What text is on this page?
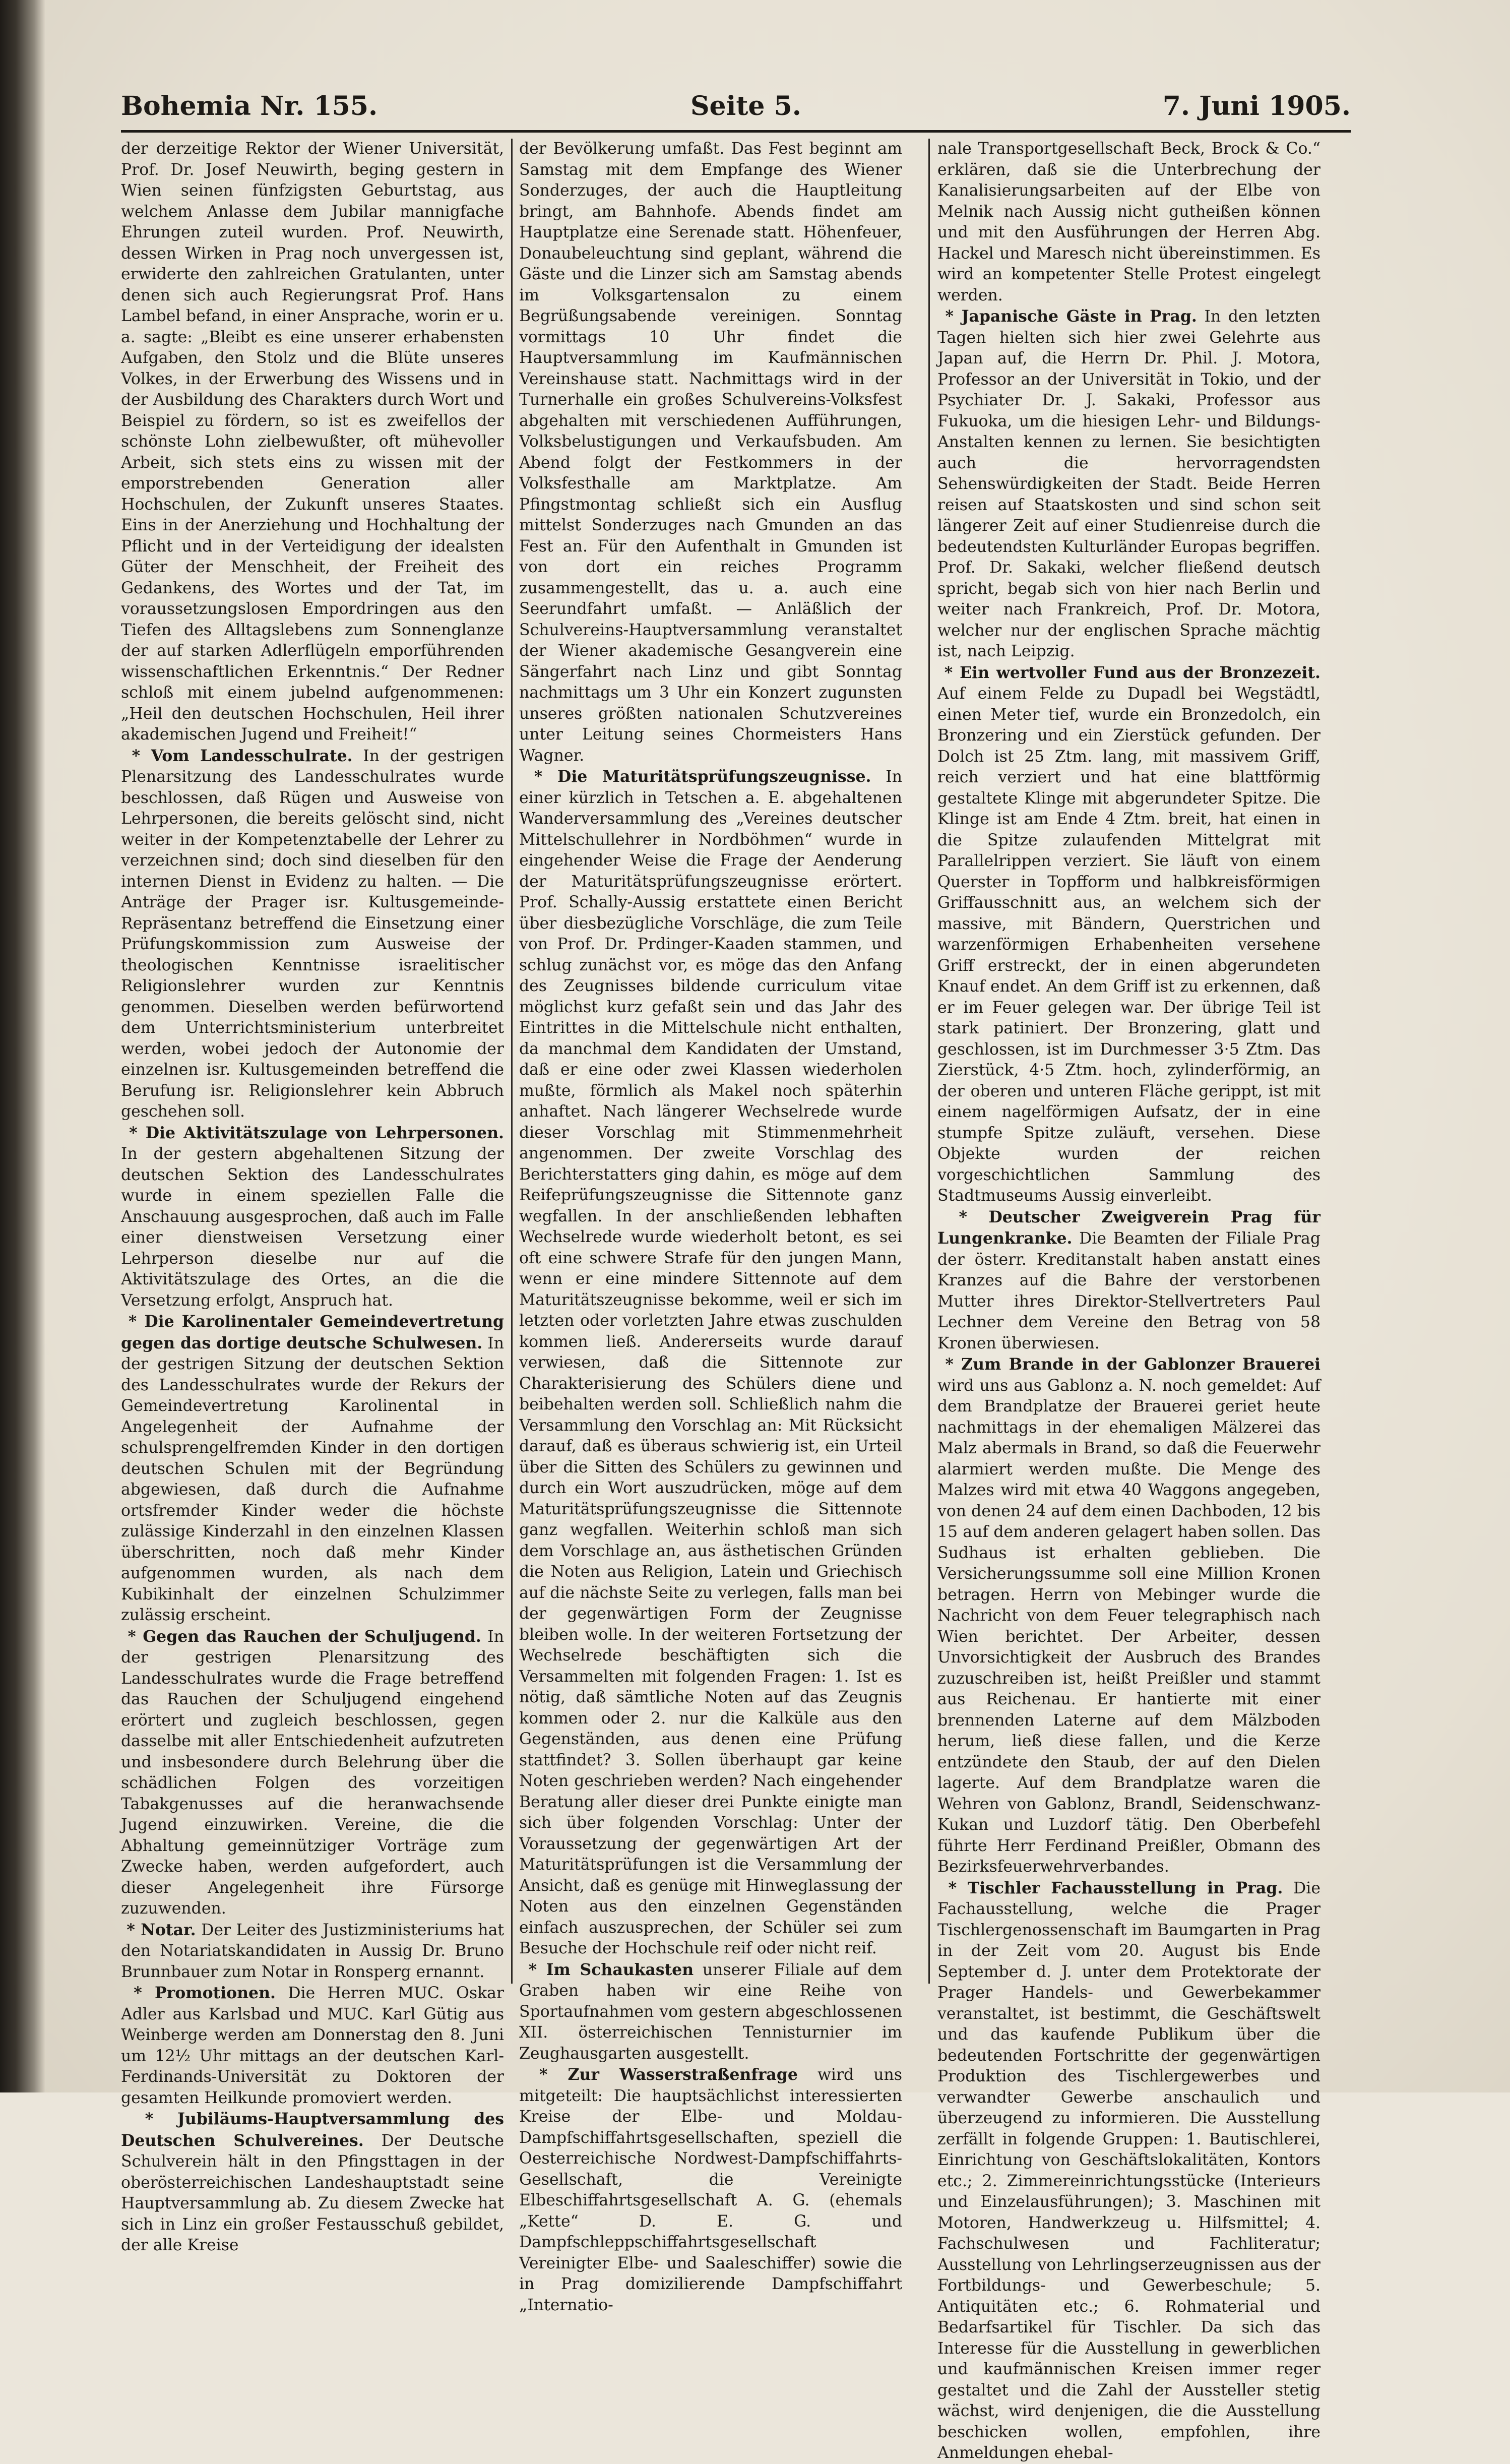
Bohemia Nr. 155.	Seite 5.	7. Juni 1905.

der derzeitige Rektor der Wiener Universität, Prof. Dr. Josef Neuwirth, beging gestern in Wien seinen fünfzigsten Geburtstag, aus welchem Anlasse dem Jubilar mannigfache Ehrungen zuteil wurden. Prof. Neuwirth, dessen Wirken in Prag noch unvergessen ist, erwiderte den zahlreichen Gratulanten, unter denen sich auch Regierungsrat Prof. Hans Lambel befand, in einer Ansprache, worin er u. a. sagte: „Bleibt es eine unserer erhabensten Aufgaben, den Stolz und die Blüte unseres Volkes, in der Erwerbung des Wissens und in der Ausbildung des Charakters durch Wort und Beispiel zu fördern, so ist es zweifellos der schönste Lohn zielbewußter, oft mühevoller Arbeit, sich stets eins zu wissen mit der emporstrebenden Generation aller Hochschulen, der Zukunft unseres Staates. Eins in der Anerziehung und Hochhaltung der Pflicht und in der Verteidigung der idealsten Güter der Menschheit, der Freiheit des Gedankens, des Wortes und der Tat, im voraussetzungslosen Empordringen aus den Tiefen des Alltagslebens zum Sonnenglanze der auf starken Adlerflügeln emporführenden wissenschaftlichen Erkenntnis.“ Der Redner schloß mit einem jubelnd aufgenommenen: „Heil den deutschen Hochschulen, Heil ihrer akademischen Jugend und Freiheit!“

* Vom Landesschulrate. In der gestrigen Plenarsitzung des Landesschulrates wurde beschlossen, daß Rügen und Ausweise von Lehrpersonen, die bereits gelöscht sind, nicht weiter in der Kompetenztabelle der Lehrer zu verzeichnen sind; doch sind dieselben für den internen Dienst in Evidenz zu halten. — Die Anträge der Prager isr. Kultusgemeinde-Repräsentanz betreffend die Einsetzung einer Prüfungskommission zum Ausweise der theologischen Kenntnisse israelitischer Religionslehrer wurden zur Kenntnis genommen. Dieselben werden befürwortend dem Unterrichtsministerium unterbreitet werden, wobei jedoch der Autonomie der einzelnen isr. Kultusgemeinden betreffend die Berufung isr. Religionslehrer kein Abbruch geschehen soll.

* Die Aktivitätszulage von Lehrpersonen. In der gestern abgehaltenen Sitzung der deutschen Sektion des Landesschulrates wurde in einem speziellen Falle die Anschauung ausgesprochen, daß auch im Falle einer dienstweisen Versetzung einer Lehrperson dieselbe nur auf die Aktivitätszulage des Ortes, an die die Versetzung erfolgt, Anspruch hat.

* Die Karolinentaler Gemeindevertretung gegen das dortige deutsche Schulwesen. In der gestrigen Sitzung der deutschen Sektion des Landesschulrates wurde der Rekurs der Gemeindevertretung Karolinental in Angelegenheit der Aufnahme der schulsprengelfremden Kinder in den dortigen deutschen Schulen mit der Begründung abgewiesen, daß durch die Aufnahme ortsfremder Kinder weder die höchste zulässige Kinderzahl in den einzelnen Klassen überschritten, noch daß mehr Kinder aufgenommen wurden, als nach dem Kubikinhalt der einzelnen Schulzimmer zulässig erscheint.

* Gegen das Rauchen der Schuljugend. In der gestrigen Plenarsitzung des Landesschulrates wurde die Frage betreffend das Rauchen der Schuljugend eingehend erörtert und zugleich beschlossen, gegen dasselbe mit aller Entschiedenheit aufzutreten und insbesondere durch Belehrung über die schädlichen Folgen des vorzeitigen Tabakgenusses auf die heranwachsende Jugend einzuwirken. Vereine, die die Abhaltung gemeinnütziger Vorträge zum Zwecke haben, werden aufgefordert, auch dieser Angelegenheit ihre Fürsorge zuzuwenden.

* Notar. Der Leiter des Justizministeriums hat den Notariatskandidaten in Aussig Dr. Bruno Brunnbauer zum Notar in Ronsperg ernannt.

* Promotionen. Die Herren MUC. Oskar Adler aus Karlsbad und MUC. Karl Gütig aus Weinberge werden am Donnerstag den 8. Juni um 12½ Uhr mittags an der deutschen Karl-Ferdinands-Universität zu Doktoren der gesamten Heilkunde promoviert werden.

* Jubiläums-Hauptversammlung des Deutschen Schulvereines. Der Deutsche Schulverein hält in den Pfingsttagen in der oberösterreichischen Landeshauptstadt seine Hauptversammlung ab. Zu diesem Zwecke hat sich in Linz ein großer Festausschuß gebildet, der alle Kreise

der Bevölkerung umfaßt. Das Fest beginnt am Samstag mit dem Empfange des Wiener Sonderzuges, der auch die Hauptleitung bringt, am Bahnhofe. Abends findet am Hauptplatze eine Serenade statt. Höhenfeuer, Donaubeleuchtung sind geplant, während die Gäste und die Linzer sich am Samstag abends im Volksgartensalon zu einem Begrüßungsabende vereinigen. Sonntag vormittags 10 Uhr findet die Hauptversammlung im Kaufmännischen Vereinshause statt. Nachmittags wird in der Turnerhalle ein großes Schulvereins-Volksfest abgehalten mit verschiedenen Aufführungen, Volksbelustigungen und Verkaufsbuden. Am Abend folgt der Festkommers in der Volksfesthalle am Marktplatze. Am Pfingstmontag schließt sich ein Ausflug mittelst Sonderzuges nach Gmunden an das Fest an. Für den Aufenthalt in Gmunden ist von dort ein reiches Programm zusammengestellt, das u. a. auch eine Seerundfahrt umfaßt. — Anläßlich der Schulvereins-Hauptversammlung veranstaltet der Wiener akademische Gesangverein eine Sängerfahrt nach Linz und gibt Sonntag nachmittags um 3 Uhr ein Konzert zugunsten unseres größten nationalen Schutzvereines unter Leitung seines Chormeisters Hans Wagner.

* Die Maturitätsprüfungszeugnisse. In einer kürzlich in Tetschen a. E. abgehaltenen Wanderversammlung des „Vereines deutscher Mittelschullehrer in Nordböhmen“ wurde in eingehender Weise die Frage der Aenderung der Maturitätsprüfungszeugnisse erörtert. Prof. Schally-Aussig erstattete einen Bericht über diesbezügliche Vorschläge, die zum Teile von Prof. Dr. Prdinger-Kaaden stammen, und schlug zunächst vor, es möge das den Anfang des Zeugnisses bildende curriculum vitae möglichst kurz gefaßt sein und das Jahr des Eintrittes in die Mittelschule nicht enthalten, da manchmal dem Kandidaten der Umstand, daß er eine oder zwei Klassen wiederholen mußte, förmlich als Makel noch späterhin anhaftet. Nach längerer Wechselrede wurde dieser Vorschlag mit Stimmenmehrheit angenommen. Der zweite Vorschlag des Berichterstatters ging dahin, es möge auf dem Reifeprüfungszeugnisse die Sittennote ganz wegfallen. In der anschließenden lebhaften Wechselrede wurde wiederholt betont, es sei oft eine schwere Strafe für den jungen Mann, wenn er eine mindere Sittennote auf dem Maturitätszeugnisse bekomme, weil er sich im letzten oder vorletzten Jahre etwas zuschulden kommen ließ. Andererseits wurde darauf verwiesen, daß die Sittennote zur Charakterisierung des Schülers diene und beibehalten werden soll. Schließlich nahm die Versammlung den Vorschlag an: Mit Rücksicht darauf, daß es überaus schwierig ist, ein Urteil über die Sitten des Schülers zu gewinnen und durch ein Wort auszudrücken, möge auf dem Maturitätsprüfungszeugnisse die Sittennote ganz wegfallen. Weiterhin schloß man sich dem Vorschlage an, aus ästhetischen Gründen die Noten aus Religion, Latein und Griechisch auf die nächste Seite zu verlegen, falls man bei der gegenwärtigen Form der Zeugnisse bleiben wolle. In der weiteren Fortsetzung der Wechselrede beschäftigten sich die Versammelten mit folgenden Fragen: 1. Ist es nötig, daß sämtliche Noten auf das Zeugnis kommen oder 2. nur die Kalküle aus den Gegenständen, aus denen eine Prüfung stattfindet? 3. Sollen überhaupt gar keine Noten geschrieben werden? Nach eingehender Beratung aller dieser drei Punkte einigte man sich über folgenden Vorschlag: Unter der Voraussetzung der gegenwärtigen Art der Maturitätsprüfungen ist die Versammlung der Ansicht, daß es genüge mit Hinweglassung der Noten aus den einzelnen Gegenständen einfach auszusprechen, der Schüler sei zum Besuche der Hochschule reif oder nicht reif.

* Im Schaukasten unserer Filiale auf dem Graben haben wir eine Reihe von Sportaufnahmen vom gestern abgeschlossenen XII. österreichischen Tennisturnier im Zeughausgarten ausgestellt.

* Zur Wasserstraßenfrage wird uns mitgeteilt: Die hauptsächlichst interessierten Kreise der Elbe- und Moldau-Dampfschiffahrtsgesellschaften, speziell die Oesterreichische Nordwest-Dampfschiffahrts-Gesellschaft, die Vereinigte Elbeschiffahrtsgesellschaft A. G. (ehemals „Kette“ D. E. G. und Dampfschleppschiffahrtsgesellschaft Vereinigter Elbe- und Saaleschiffer) sowie die in Prag domizilierende Dampfschiffahrt „Internatio-

nale Transportgesellschaft Beck, Brock & Co.“ erklären, daß sie die Unterbrechung der Kanalisierungsarbeiten auf der Elbe von Melnik nach Aussig nicht gutheißen können und mit den Ausführungen der Herren Abg. Hackel und Maresch nicht übereinstimmen. Es wird an kompetenter Stelle Protest eingelegt werden.

* Japanische Gäste in Prag. In den letzten Tagen hielten sich hier zwei Gelehrte aus Japan auf, die Herrn Dr. Phil. J. Motora, Professor an der Universität in Tokio, und der Psychiater Dr. J. Sakaki, Professor aus Fukuoka, um die hiesigen Lehr- und Bildungs-Anstalten kennen zu lernen. Sie besichtigten auch die hervorragendsten Sehenswürdigkeiten der Stadt. Beide Herren reisen auf Staatskosten und sind schon seit längerer Zeit auf einer Studienreise durch die bedeutendsten Kulturländer Europas begriffen. Prof. Dr. Sakaki, welcher fließend deutsch spricht, begab sich von hier nach Berlin und weiter nach Frankreich, Prof. Dr. Motora, welcher nur der englischen Sprache mächtig ist, nach Leipzig.

* Ein wertvoller Fund aus der Bronzezeit. Auf einem Felde zu Dupadl bei Wegstädtl, einen Meter tief, wurde ein Bronzedolch, ein Bronzering und ein Zierstück gefunden. Der Dolch ist 25 Ztm. lang, mit massivem Griff, reich verziert und hat eine blattförmig gestaltete Klinge mit abgerundeter Spitze. Die Klinge ist am Ende 4 Ztm. breit, hat einen in die Spitze zulaufenden Mittelgrat mit Parallelrippen verziert. Sie läuft von einem Querstег in Topfform und halbkreisförmigen Griffausschnitt aus, an welchem sich der massive, mit Bändern, Querstrichen und warzenförmigen Erhabenheiten versehene Griff erstreckt, der in einen abgerundeten Knauf endet. An dem Griff ist zu erkennen, daß er im Feuer gelegen war. Der übrige Teil ist stark patiniert. Der Bronzering, glatt und geschlossen, ist im Durchmesser 3·5 Ztm. Das Zierstück, 4·5 Ztm. hoch, zylinderförmig, an der oberen und unteren Fläche gerippt, ist mit einem nagelförmigen Aufsatz, der in eine stumpfe Spitze zuläuft, versehen. Diese Objekte wurden der reichen vorgeschichtlichen Sammlung des Stadtmuseums Aussig einverleibt.

* Deutscher Zweigverein Prag für Lungenkranke. Die Beamten der Filiale Prag der österr. Kreditanstalt haben anstatt eines Kranzes auf die Bahre der verstorbenen Mutter ihres Direktor-Stellvertreters Paul Lechner dem Vereine den Betrag von 58 Kronen überwiesen.

* Zum Brande in der Gablonzer Brauerei wird uns aus Gablonz a. N. noch gemeldet: Auf dem Brandplatze der Brauerei geriet heute nachmittags in der ehemaligen Mälzerei das Malz abermals in Brand, so daß die Feuerwehr alarmiert werden mußte. Die Menge des Malzes wird mit etwa 40 Waggons angegeben, von denen 24 auf dem einen Dachboden, 12 bis 15 auf dem anderen gelagert haben sollen. Das Sudhaus ist erhalten geblieben. Die Versicherungssumme soll eine Million Kronen betragen. Herrn von Mebinger wurde die Nachricht von dem Feuer telegraphisch nach Wien berichtet. Der Arbeiter, dessen Unvorsichtigkeit der Ausbruch des Brandes zuzuschreiben ist, heißt Preißler und stammt aus Reichenau. Er hantierte mit einer brennenden Laterne auf dem Mälzboden herum, ließ diese fallen, und die Kerze entzündete den Staub, der auf den Dielen lagerte. Auf dem Brandplatze waren die Wehren von Gablonz, Brandl, Seidenschwanz-Kukan und Luzdorf tätig. Den Oberbefehl führte Herr Ferdinand Preißler, Obmann des Bezirksfeuerwehrverbandes.

* Tischler Fachausstellung in Prag. Die Fachausstellung, welche die Prager Tischlergenossenschaft im Baumgarten in Prag in der Zeit vom 20. August bis Ende September d. J. unter dem Protektorate der Prager Handels- und Gewerbekammer veranstaltet, ist bestimmt, die Geschäftswelt und das kaufende Publikum über die bedeutenden Fortschritte der gegenwärtigen Produktion des Tischlergewerbes und verwandter Gewerbe anschaulich und überzeugend zu informieren. Die Ausstellung zerfällt in folgende Gruppen: 1. Bautischlerei, Einrichtung von Geschäftslokalitäten, Kontors etc.; 2. Zimmereinrichtungsstücke (Interieurs und Einzelausführungen); 3. Maschinen mit Motoren, Handwerkzeug u. Hilfsmittel; 4. Fachschulwesen und Fachliteratur; Ausstellung von Lehrlingserzeugnissen aus der Fortbildungs- und Gewerbeschule; 5. Antiquitäten etc.; 6. Rohmaterial und Bedarfsartikel für Tischler. Da sich das Interesse für die Ausstellung in gewerblichen und kaufmännischen Kreisen immer reger gestaltet und die Zahl der Aussteller stetig wächst, wird denjenigen, die die Ausstellung beschicken wollen, empfohlen, ihre Anmeldungen ehebal-
